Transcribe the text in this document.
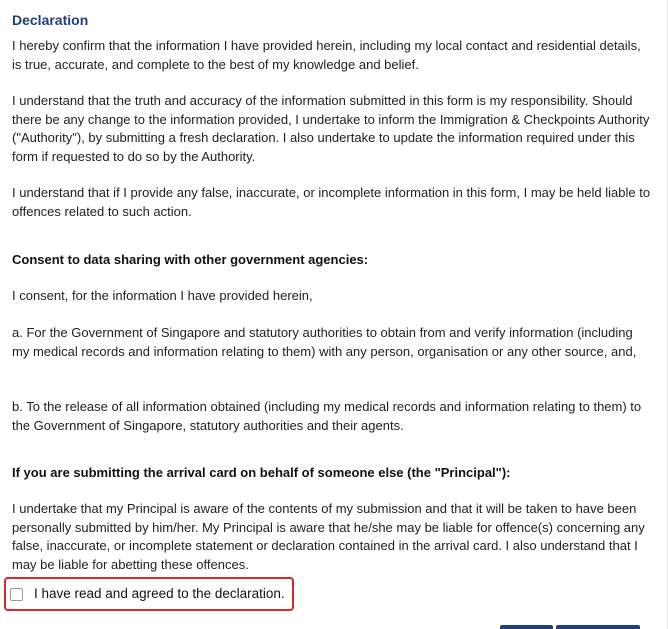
Declaration

I hereby confirm that the information I have provided herein, including my local contact and residential details, is true, accurate, and complete to the best of my knowledge and belief.

I understand that the truth and accuracy of the information submitted in this form is my responsibility. Should there be any change to the information provided, I undertake to inform the Immigration & Checkpoints Authority ("Authority"), by submitting a fresh declaration. I also undertake to update the information required under this form if requested to do so by the Authority.

I understand that if I provide any false, inaccurate, or incomplete information in this form, I may be held liable to offences related to such action.

Consent to data sharing with other government agencies:

I consent, for the information I have provided herein,

a. For the Government of Singapore and statutory authorities to obtain from and verify information (including my medical records and information relating to them) with any person, organisation or any other source, and,

b. To the release of all information obtained (including my medical records and information relating to them) to the Government of Singapore, statutory authorities and their agents.

If you are submitting the arrival card on behalf of someone else (the "Principal"):

I undertake that my Principal is aware of the contents of my submission and that it will be taken to have been personally submitted by him/her. My Principal is aware that he/she may be liable for offence(s) concerning any false, inaccurate, or incomplete statement or declaration contained in the arrival card. I also understand that I may be liable for abetting these offences.

I have read and agreed to the declaration.
